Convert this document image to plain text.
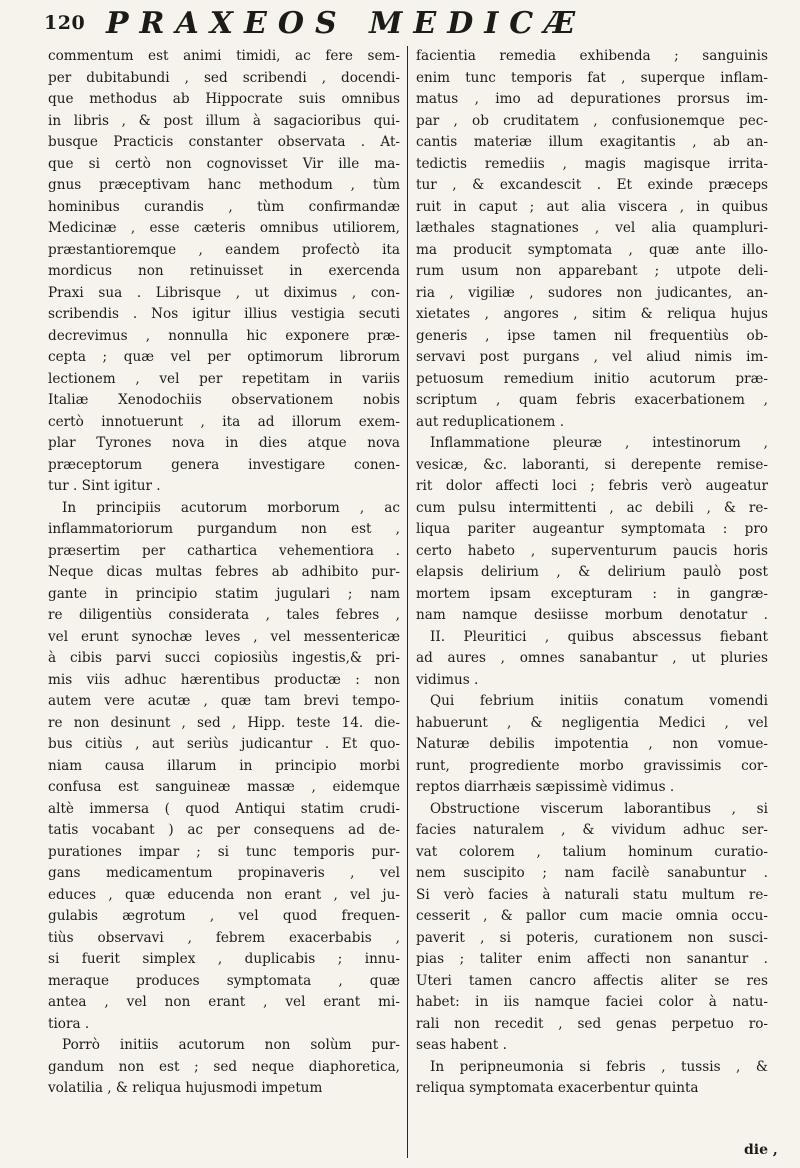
120 PRAXEOS MEDICÆ
commentum est animi timidi, ac fere sem-
per dubitabundi , sed scribendi , docendi-
que methodus ab Hippocrate suis omnibus
in libris , & post illum à sagacioribus qui-
busque Practicis constanter observata . At-
que si certò non cognovisset Vir ille ma-
gnus præceptivam hanc methodum , tùm
hominibus curandis , tùm confirmandæ
Medicinæ , esse cæteris omnibus utiliorem,
præstantioremque , eandem profectò ita
mordicus non retinuisset in exercenda
Praxi sua . Librisque , ut diximus , con-
scribendis . Nos igitur illius vestigia secuti
decrevimus , nonnulla hic exponere præ-
cepta ; quæ vel per optimorum librorum
lectionem , vel per repetitam in variis
Italiæ Xenodochiis observationem nobis
certò innotuerunt , ita ad illorum exem-
plar Tyrones nova in dies atque nova
præceptorum genera investigare conen-
tur . Sint igitur .
In principiis acutorum morborum , ac
inflammatoriorum purgandum non est ,
præsertim per cathartica vehementiora .
Neque dicas multas febres ab adhibito pur-
gante in principio statim jugulari ; nam
re diligentiùs considerata , tales febres ,
vel erunt synochæ leves , vel messentericæ
à cibis parvi succi copiosiùs ingestis,& pri-
mis viis adhuc hærentibus productæ : non
autem vere acutæ , quæ tam brevi tempo-
re non desinunt , sed , Hipp. teste 14. die-
bus citiùs , aut seriùs judicantur . Et quo-
niam causa illarum in principio morbi
confusa est sanguineæ massæ , eidemque
altè immersa ( quod Antiqui statim crudi-
tatis vocabant ) ac per consequens ad de-
purationes impar ; si tunc temporis pur-
gans medicamentum propinaveris , vel
educes , quæ educenda non erant , vel ju-
gulabis ægrotum , vel quod frequen-
tiùs observavi , febrem exacerbabis ,
si fuerit simplex , duplicabis ; innu-
meraque produces symptomata , quæ
antea , vel non erant , vel erant mi-
tiora .
Porrò initiis acutorum non solùm pur-
gandum non est ; sed neque diaphoretica,
volatilia , & reliqua hujusmodi impetum
facientia remedia exhibenda ; sanguinis
enim tunc temporis fat , superque inflam-
matus , imo ad depurationes prorsus im-
par , ob cruditatem , confusionemque pec-
cantis materiæ illum exagitantis , ab an-
tedictis remediis , magis magisque irrita-
tur , & excandescit . Et exinde præceps
ruit in caput ; aut alia viscera , in quibus
læthales stagnationes , vel alia quampluri-
ma producit symptomata , quæ ante illo-
rum usum non apparebant ; utpote deli-
ria , vigiliæ , sudores non judicantes, an-
xietates , angores , sitim & reliqua hujus
generis , ipse tamen nil frequentiùs ob-
servavi post purgans , vel aliud nimis im-
petuosum remedium initio acutorum præ-
scriptum , quam febris exacerbationem ,
aut reduplicationem .
Inflammatione pleuræ , intestinorum ,
vesicæ, &c. laboranti, si derepente remise-
rit dolor affecti loci ; febris verò augeatur
cum pulsu intermittenti , ac debili , & re-
liqua pariter augeantur symptomata : pro
certo habeto , superventurum paucis horis
elapsis delirium , & delirium paulò post
mortem ipsam excepturam : in gangræ-
nam namque desiisse morbum denotatur .
II. Pleuritici , quibus abscessus fiebant
ad aures , omnes sanabantur , ut pluries
vidimus .
Qui febrium initiis conatum vomendi
habuerunt , & negligentia Medici , vel
Naturæ debilis impotentia , non vomue-
runt, progrediente morbo gravissimis cor-
reptos diarrhæis sæpissimè vidimus .
Obstructione viscerum laborantibus , si
facies naturalem , & vividum adhuc ser-
vat colorem , talium hominum curatio-
nem suscipito ; nam facilè sanabuntur .
Si verò facies à naturali statu multum re-
cesserit , & pallor cum macie omnia occu-
paverit , si poteris, curationem non susci-
pias ; taliter enim affecti non sanantur .
Uteri tamen cancro affectis aliter se res
habet: in iis namque faciei color à natu-
rali non recedit , sed genas perpetuo ro-
seas habent .
In peripneumonia si febris , tussis , &
reliqua symptomata exacerbentur quinta
die ,
